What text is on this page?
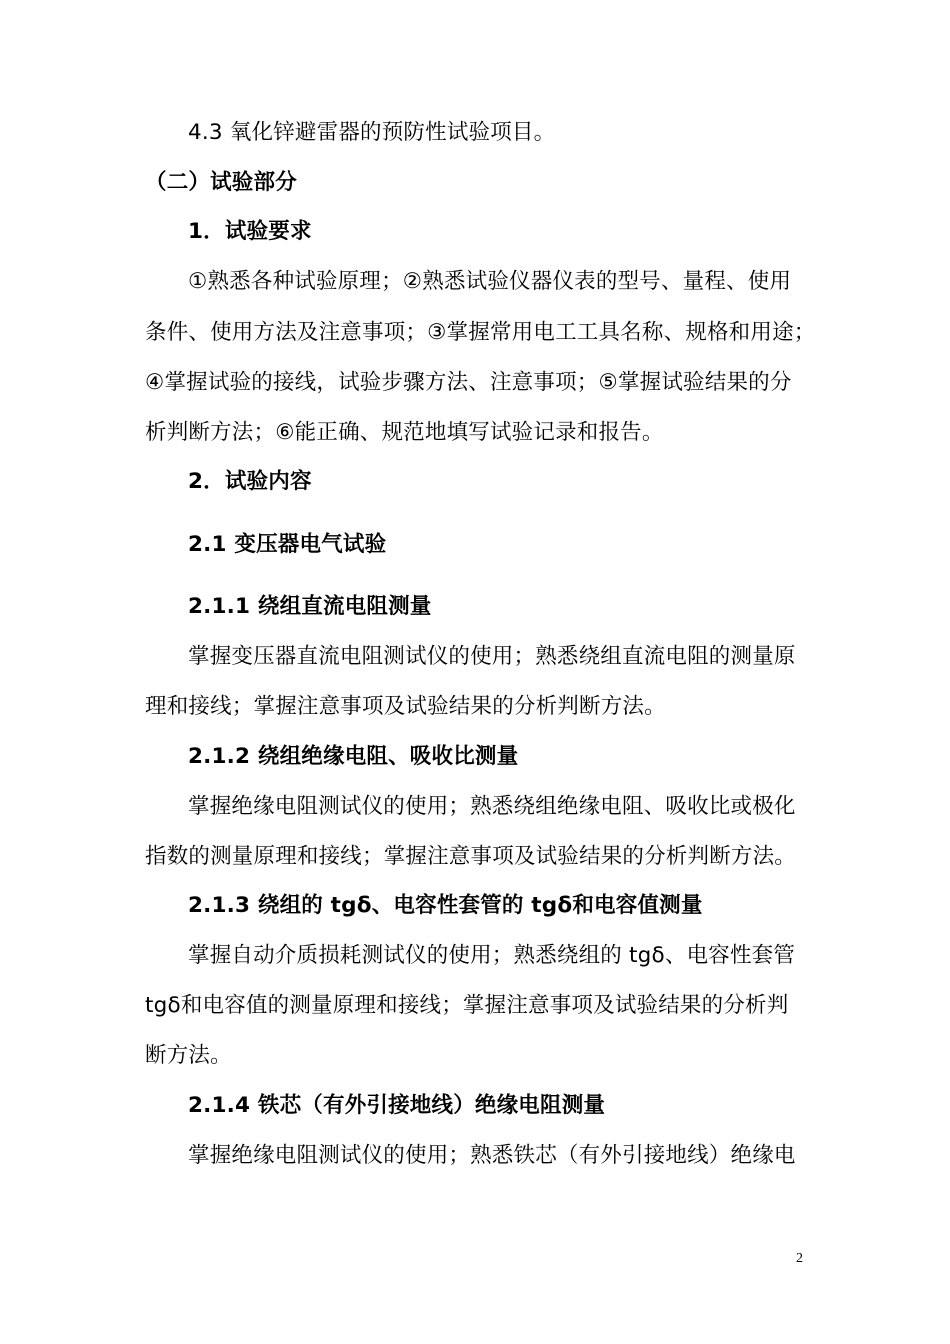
4.3 氧化锌避雷器的预防性试验项目。
（二）试验部分
1．试验要求
①熟悉各种试验原理；②熟悉试验仪器仪表的型号、量程、使用
条件、使用方法及注意事项；③掌握常用电工工具名称、规格和用途；
④掌握试验的接线，试验步骤方法、注意事项；⑤掌握试验结果的分
析判断方法；⑥能正确、规范地填写试验记录和报告。
2．试验内容
2.1 变压器电气试验
2.1.1 绕组直流电阻测量
掌握变压器直流电阻测试仪的使用；熟悉绕组直流电阻的测量原
理和接线；掌握注意事项及试验结果的分析判断方法。
2.1.2 绕组绝缘电阻、吸收比测量
掌握绝缘电阻测试仪的使用；熟悉绕组绝缘电阻、吸收比或极化
指数的测量原理和接线；掌握注意事项及试验结果的分析判断方法。
2.1.3 绕组的 tgδ、电容性套管的 tgδ和电容值测量
掌握自动介质损耗测试仪的使用；熟悉绕组的 tgδ、电容性套管
tgδ和电容值的测量原理和接线；掌握注意事项及试验结果的分析判
断方法。
2.1.4 铁芯（有外引接地线）绝缘电阻测量
掌握绝缘电阻测试仪的使用；熟悉铁芯（有外引接地线）绝缘电
2
